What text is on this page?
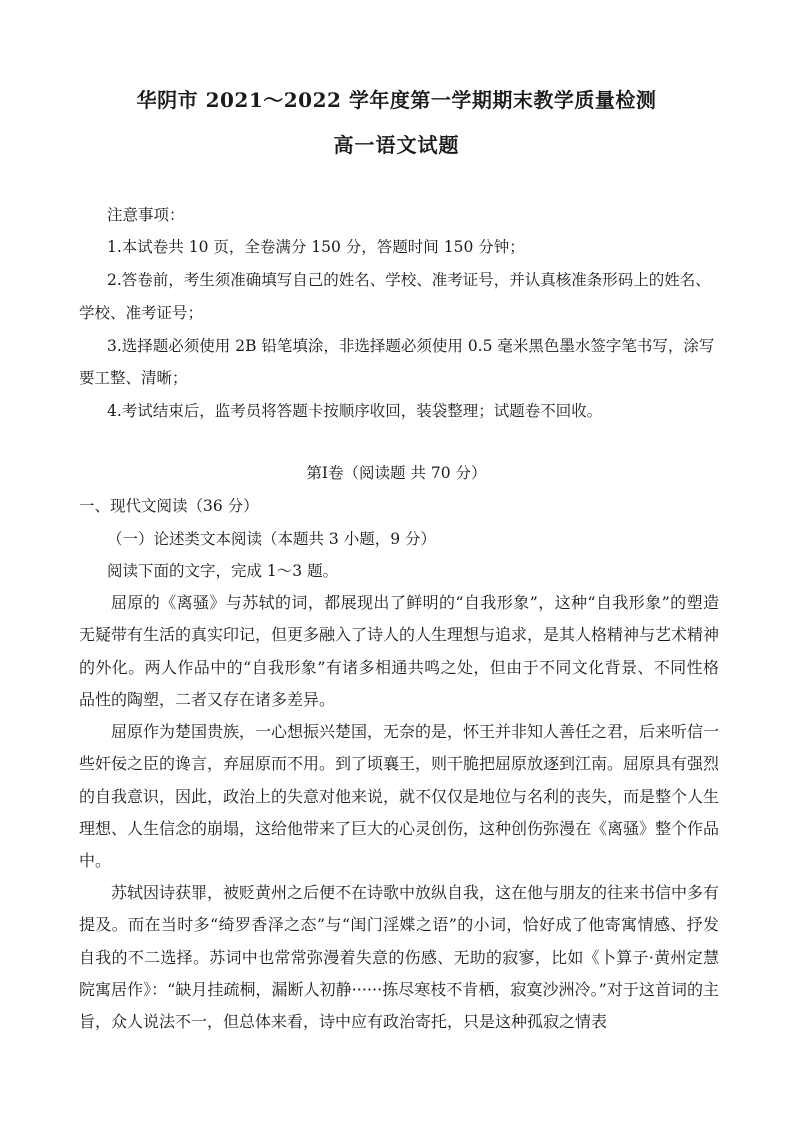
华阴市 2021～2022 学年度第一学期期末教学质量检测
高一语文试题
注意事项：
1.本试卷共 10 页，全卷满分 150 分，答题时间 150 分钟；
2.答卷前，考生须准确填写自己的姓名、学校、准考证号，并认真核准条形码上的姓名、
学校、准考证号；
3.选择题必须使用 2B 铅笔填涂，非选择题必须使用 0.5 毫米黑色墨水签字笔书写，涂写
要工整、清晰；
4.考试结束后，监考员将答题卡按顺序收回，装袋整理；试题卷不回收。
第Ⅰ卷（阅读题 共 70 分）
一、现代文阅读（36 分）
（一）论述类文本阅读（本题共 3 小题，9 分）
阅读下面的文字，完成 1～3 题。

屈原的《离骚》与苏轼的词，都展现出了鲜明的“自我形象”，这种“自我形象”的塑造无疑带有生活的真实印记，但更多融入了诗人的人生理想与追求，是其人格精神与艺术精神的外化。两人作品中的“自我形象”有诸多相通共鸣之处，但由于不同文化背景、不同性格品性的陶塑，二者又存在诸多差异。

屈原作为楚国贵族，一心想振兴楚国，无奈的是，怀王并非知人善任之君，后来听信一些奸佞之臣的谗言，弃屈原而不用。到了顷襄王，则干脆把屈原放逐到江南。屈原具有强烈的自我意识，因此，政治上的失意对他来说，就不仅仅是地位与名利的丧失，而是整个人生理想、人生信念的崩塌，这给他带来了巨大的心灵创伤，这种创伤弥漫在《离骚》整个作品中。

苏轼因诗获罪，被贬黄州之后便不在诗歌中放纵自我，这在他与朋友的往来书信中多有提及。而在当时多“绮罗香泽之态”与“闺门淫媟之语”的小词，恰好成了他寄寓情感、抒发自我的不二选择。苏词中也常常弥漫着失意的伤感、无助的寂寥，比如《卜算子·黄州定慧院寓居作》：“缺月挂疏桐，漏断人初静······拣尽寒枝不肯栖，寂寞沙洲冷。”对于这首词的主旨，众人说法不一，但总体来看，诗中应有政治寄托，只是这种孤寂之情表
